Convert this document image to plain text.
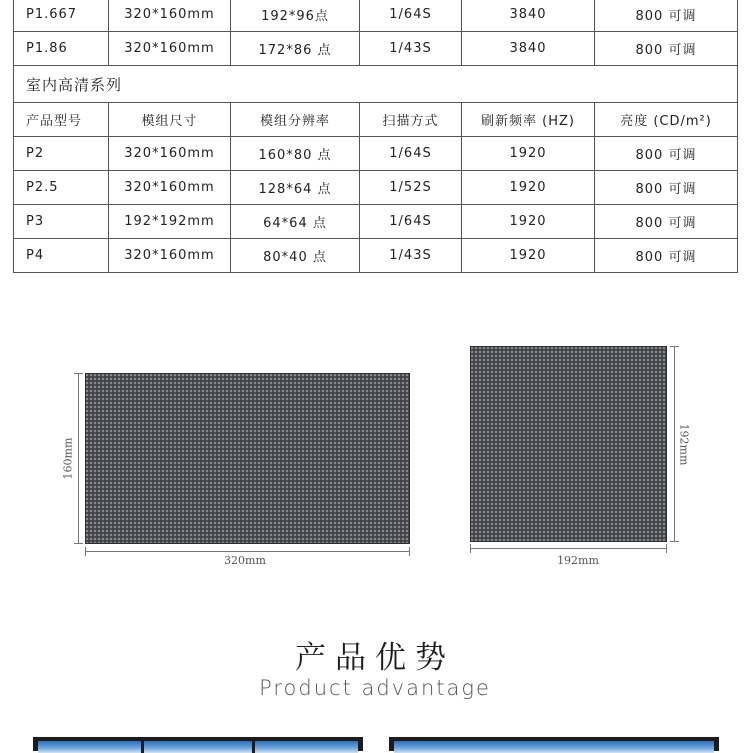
P1.667	320*160mm	192*96点	1/64S	3840	800 可调
P1.86	320*160mm	172*86 点	1/43S	3840	800 可调
室内高清系列					
产品型号	模组尺寸	模组分辨率	扫描方式	刷新频率 (HZ)	亮度 (CD/m²)
P2	320*160mm	160*80 点	1/64S	1920	800 可调
P2.5	320*160mm	128*64 点	1/52S	1920	800 可调
P3	192*192mm	64*64 点	1/64S	1920	800 可调
P4	320*160mm	80*40 点	1/43S	1920	800 可调
160mm
320mm
192mm
192mm
产品优势
Product advantage
